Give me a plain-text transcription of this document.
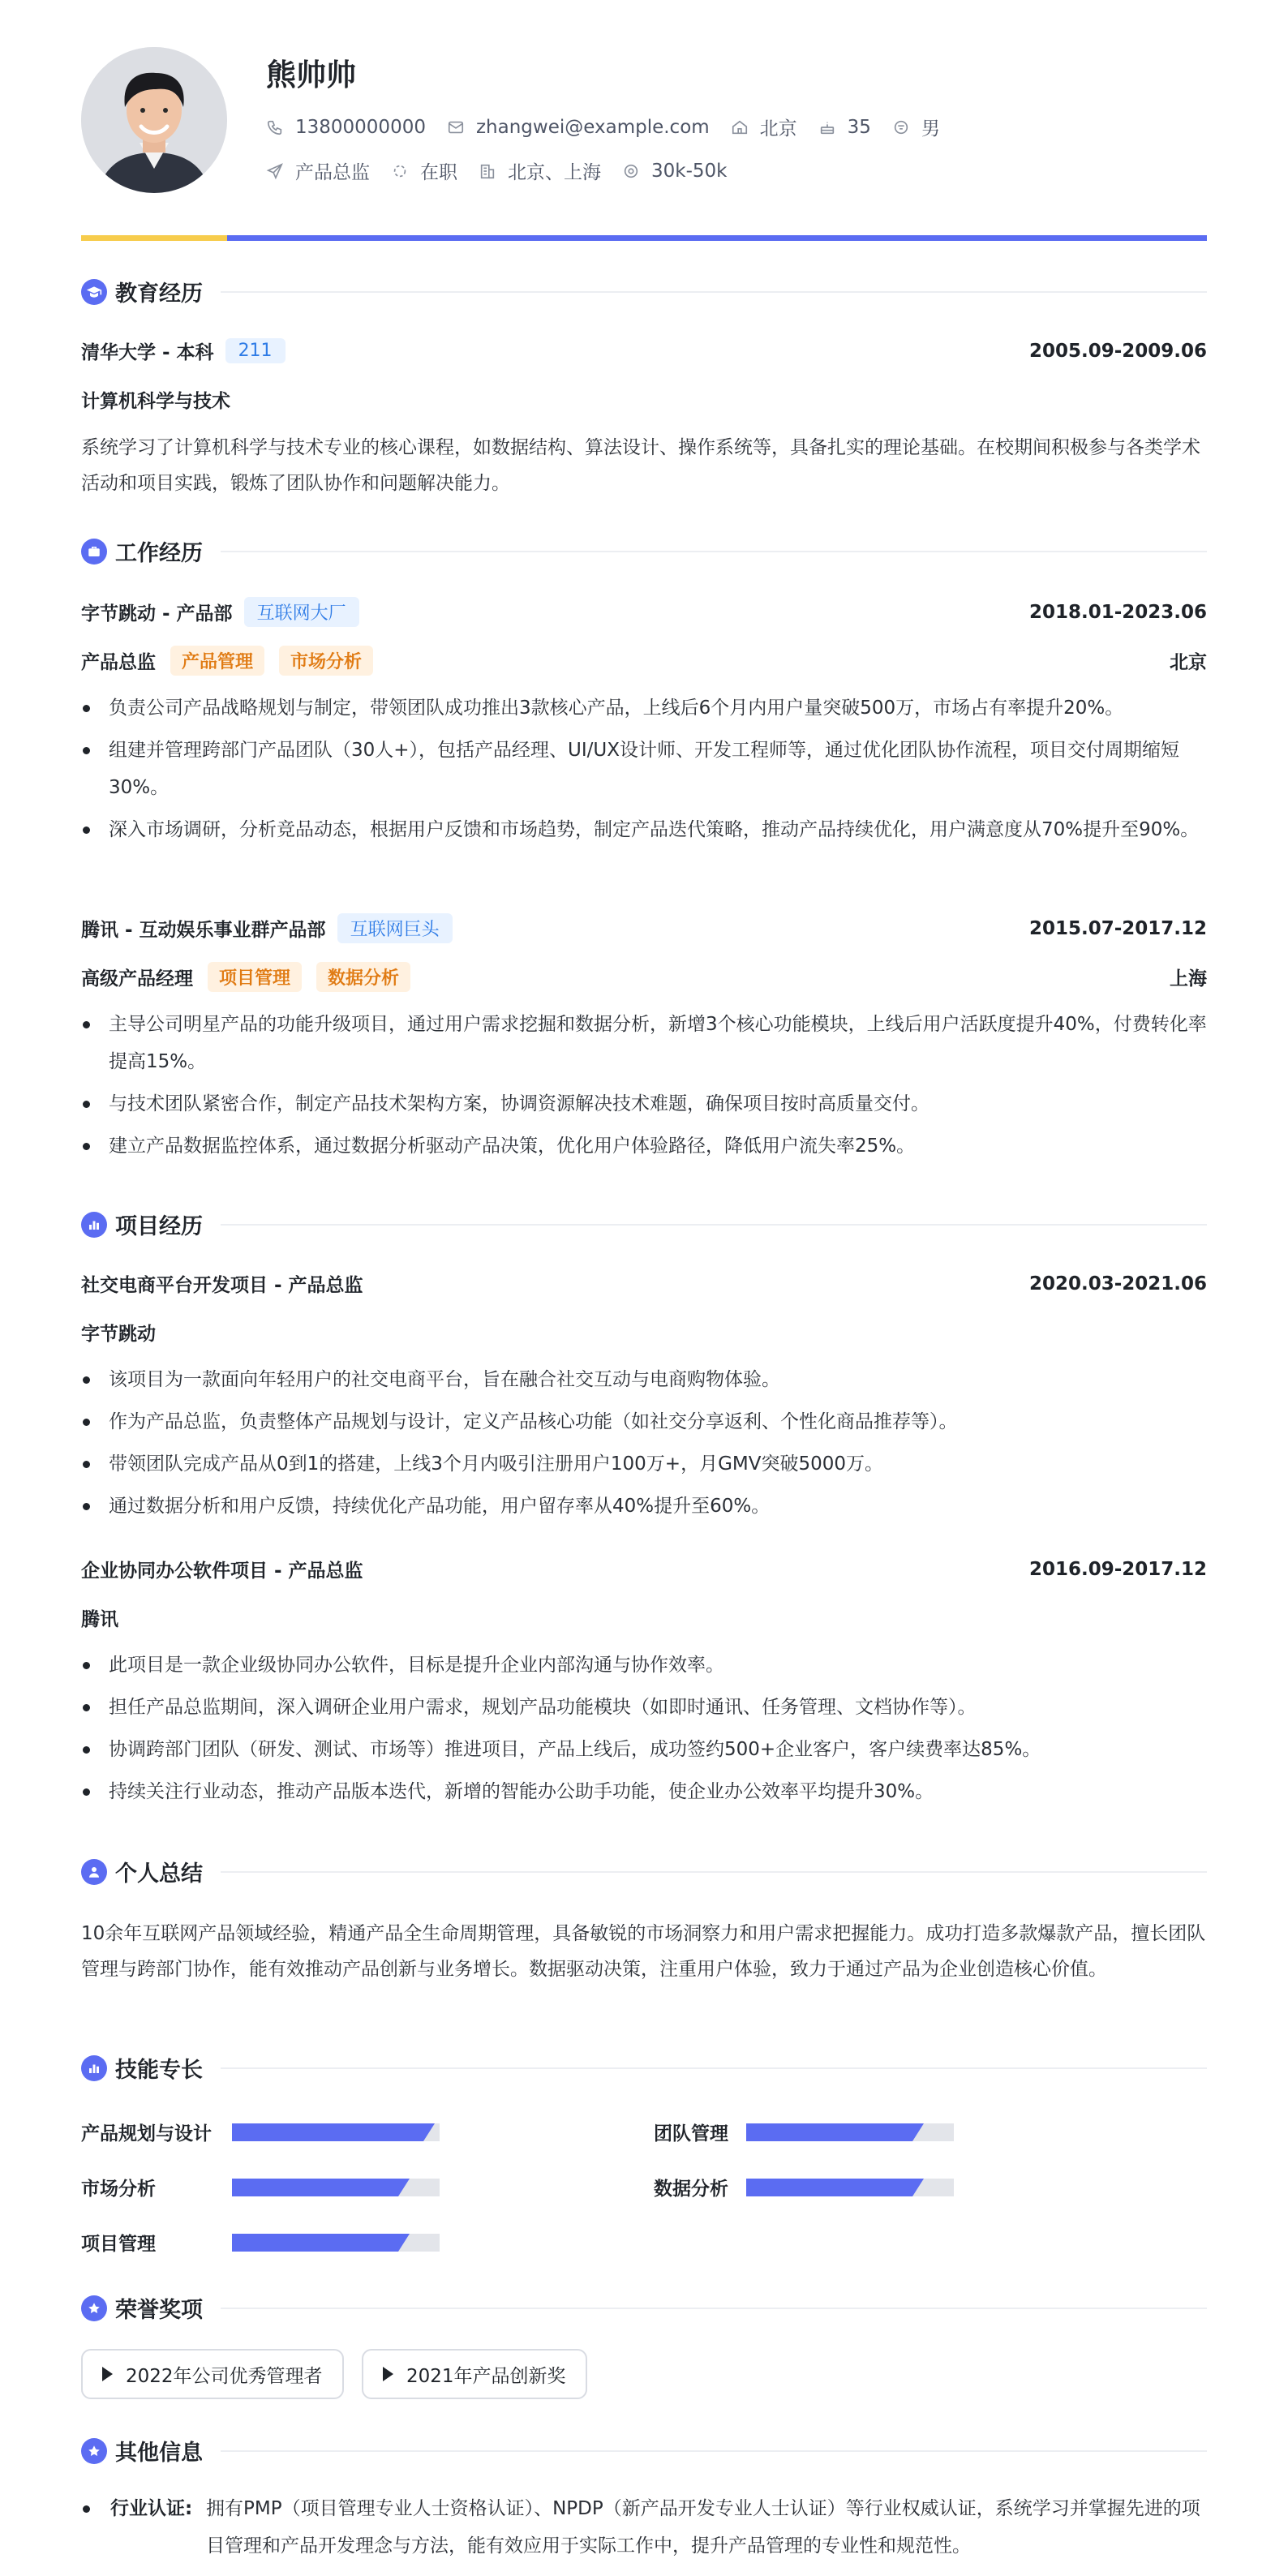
熊帅帅
13800000000	zhangwei@example.com	北京	35	男
产品总监	在职	北京、上海	30k-50k
教育经历
清华大学 - 本科	211	2005.09-2009.06
计算机科学与技术
系统学习了计算机科学与技术专业的核心课程，如数据结构、算法设计、操作系统等，具备扎实的理论基础。在校期间积极参与各类学术活动和项目实践，锻炼了团队协作和问题解决能力。
工作经历
字节跳动 - 产品部	互联网大厂	2018.01-2023.06
产品总监	产品管理	市场分析	北京
负责公司产品战略规划与制定，带领团队成功推出3款核心产品，上线后6个月内用户量突破500万，市场占有率提升20%。
组建并管理跨部门产品团队（30人+），包括产品经理、UI/UX设计师、开发工程师等，通过优化团队协作流程，项目交付周期缩短30%。
深入市场调研，分析竞品动态，根据用户反馈和市场趋势，制定产品迭代策略，推动产品持续优化，用户满意度从70%提升至90%。
腾讯 - 互动娱乐事业群产品部	互联网巨头	2015.07-2017.12
高级产品经理	项目管理	数据分析	上海
主导公司明星产品的功能升级项目，通过用户需求挖掘和数据分析，新增3个核心功能模块，上线后用户活跃度提升40%，付费转化率提高15%。
与技术团队紧密合作，制定产品技术架构方案，协调资源解决技术难题，确保项目按时高质量交付。
建立产品数据监控体系，通过数据分析驱动产品决策，优化用户体验路径，降低用户流失率25%。
项目经历
社交电商平台开发项目 - 产品总监	2020.03-2021.06
字节跳动
该项目为一款面向年轻用户的社交电商平台，旨在融合社交互动与电商购物体验。
作为产品总监，负责整体产品规划与设计，定义产品核心功能（如社交分享返利、个性化商品推荐等）。
带领团队完成产品从0到1的搭建，上线3个月内吸引注册用户100万+，月GMV突破5000万。
通过数据分析和用户反馈，持续优化产品功能，用户留存率从40%提升至60%。
企业协同办公软件项目 - 产品总监	2016.09-2017.12
腾讯
此项目是一款企业级协同办公软件，目标是提升企业内部沟通与协作效率。
担任产品总监期间，深入调研企业用户需求，规划产品功能模块（如即时通讯、任务管理、文档协作等）。
协调跨部门团队（研发、测试、市场等）推进项目，产品上线后，成功签约500+企业客户，客户续费率达85%。
持续关注行业动态，推动产品版本迭代，新增的智能办公助手功能，使企业办公效率平均提升30%。
个人总结
10余年互联网产品领域经验，精通产品全生命周期管理，具备敏锐的市场洞察力和用户需求把握能力。成功打造多款爆款产品，擅长团队管理与跨部门协作，能有效推动产品创新与业务增长。数据驱动决策，注重用户体验，致力于通过产品为企业创造核心价值。
技能专长
产品规划与设计	团队管理
市场分析	数据分析
项目管理
荣誉奖项
2022年公司优秀管理者	2021年产品创新奖
其他信息
行业认证: 拥有PMP（项目管理专业人士资格认证）、NPDP（新产品开发专业人士认证）等行业权威认证，系统学习并掌握先进的项目管理和产品开发理念与方法，能有效应用于实际工作中，提升产品管理的专业性和规范性。
